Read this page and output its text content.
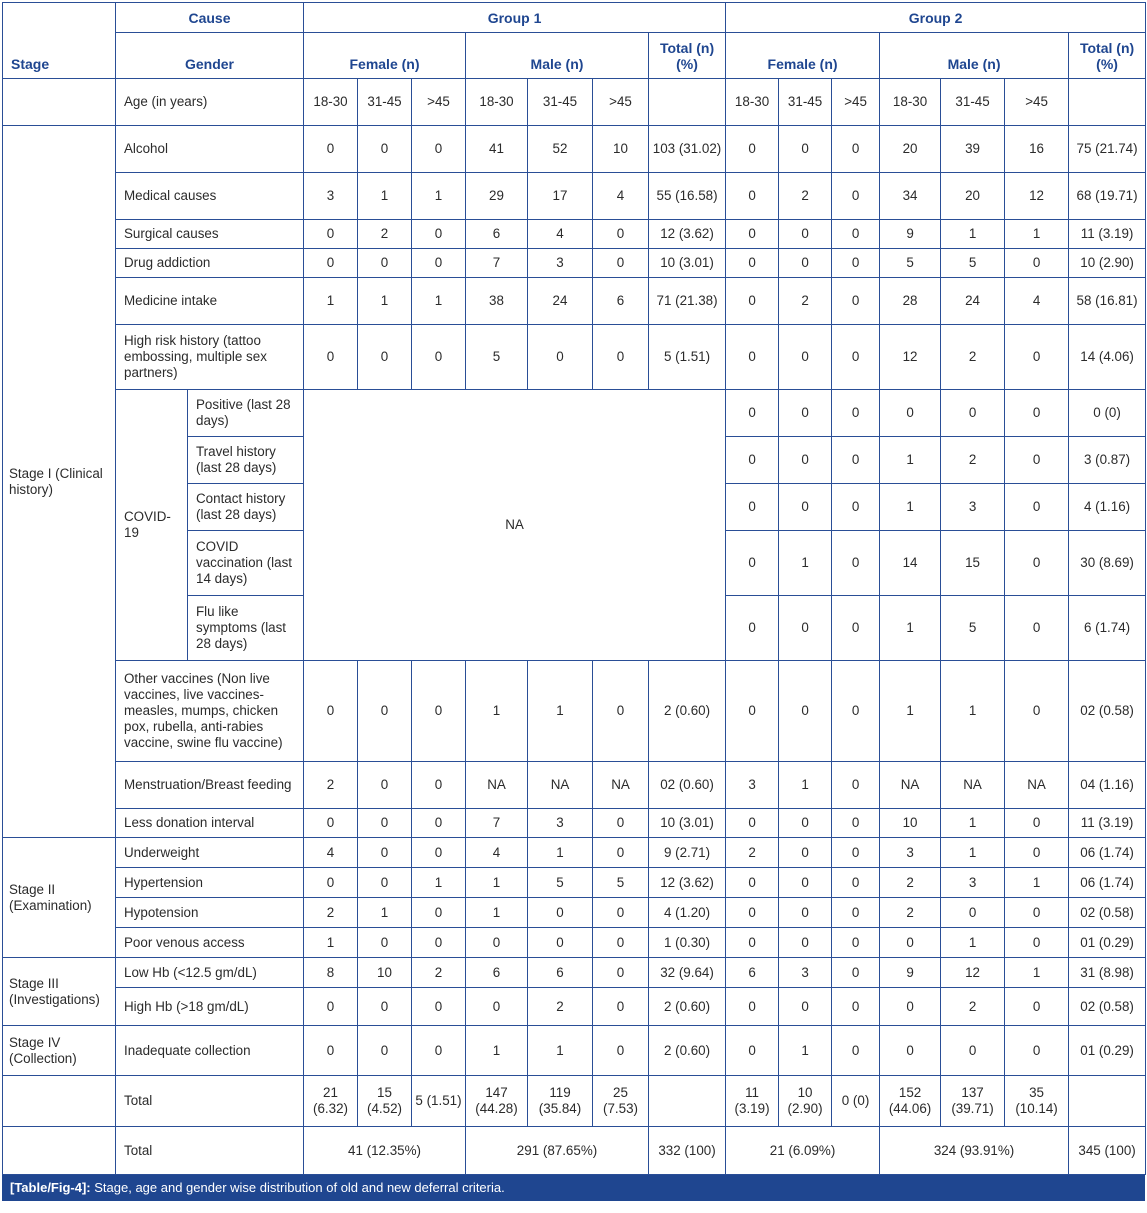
Stage	Cause		Group 1							Group 2						
	Gender		Female (n)			Male (n)			Total (n) (%)	Female (n)			Male (n)			Total (n) (%)
	Age (in years)		18-30	31-45	>45	18-30	31-45	>45		18-30	31-45	>45	18-30	31-45	>45	
Stage I (Clinical history)	Alcohol		0	0	0	41	52	10	103 (31.02)	0	0	0	20	39	16	75 (21.74)
	Medical causes		3	1	1	29	17	4	55 (16.58)	0	2	0	34	20	12	68 (19.71)
	Surgical causes		0	2	0	6	4	0	12 (3.62)	0	0	0	9	1	1	11 (3.19)
	Drug addiction		0	0	0	7	3	0	10 (3.01)	0	0	0	5	5	0	10 (2.90)
	Medicine intake		1	1	1	38	24	6	71 (21.38)	0	2	0	28	24	4	58 (16.81)
	High risk history (tattoo embossing, multiple sex partners)		0	0	0	5	0	0	5 (1.51)	0	0	0	12	2	0	14 (4.06)
	COVID-19	Positive (last 28 days)	NA							0	0	0	0	0	0	0 (0)
		Travel history (last 28 days)								0	0	0	1	2	0	3 (0.87)
		Contact history (last 28 days)								0	0	0	1	3	0	4 (1.16)
		COVID vaccination (last 14 days)								0	1	0	14	15	0	30 (8.69)
		Flu like symptoms (last 28 days)								0	0	0	1	5	0	6 (1.74)
	Other vaccines (Non live vaccines, live vaccines-measles, mumps, chicken pox, rubella, anti-rabies vaccine, swine flu vaccine)		0	0	0	1	1	0	2 (0.60)	0	0	0	1	1	0	02 (0.58)
	Menstruation/Breast feeding		2	0	0	NA	NA	NA	02 (0.60)	3	1	0	NA	NA	NA	04 (1.16)
	Less donation interval		0	0	0	7	3	0	10 (3.01)	0	0	0	10	1	0	11 (3.19)
Stage II (Examination)	Underweight		4	0	0	4	1	0	9 (2.71)	2	0	0	3	1	0	06 (1.74)
	Hypertension		0	0	1	1	5	5	12 (3.62)	0	0	0	2	3	1	06 (1.74)
	Hypotension		2	1	0	1	0	0	4 (1.20)	0	0	0	2	0	0	02 (0.58)
	Poor venous access		1	0	0	0	0	0	1 (0.30)	0	0	0	0	1	0	01 (0.29)
Stage III (Investigations)	Low Hb (<12.5 gm/dL)		8	10	2	6	6	0	32 (9.64)	6	3	0	9	12	1	31 (8.98)
	High Hb (>18 gm/dL)		0	0	0	0	2	0	2 (0.60)	0	0	0	0	2	0	02 (0.58)
Stage IV (Collection)	Inadequate collection		0	0	0	1	1	0	2 (0.60)	0	1	0	0	0	0	01 (0.29)
	Total		21 (6.32)	15 (4.52)	5 (1.51)	147 (44.28)	119 (35.84)	25 (7.53)		11 (3.19)	10 (2.90)	0 (0)	152 (44.06)	137 (39.71)	35 (10.14)	
	Total		41 (12.35%)			291 (87.65%)			332 (100)	21 (6.09%)			324 (93.91%)			345 (100)
[Table/Fig-4]: Stage, age and gender wise distribution of old and new deferral criteria.
